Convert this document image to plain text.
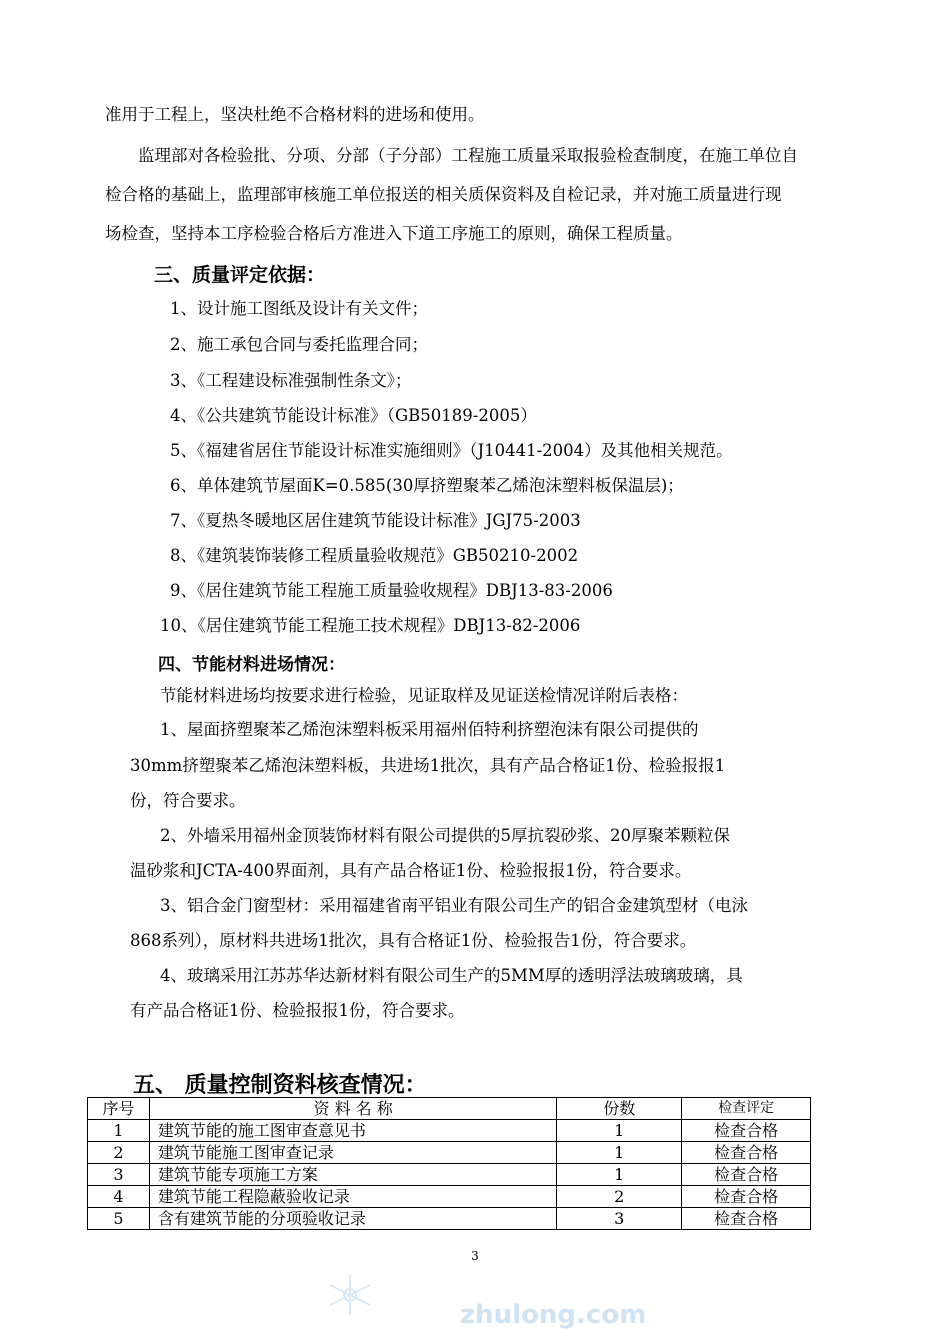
准用于工程上，坚决杜绝不合格材料的进场和使用。
监理部对各检验批、分项、分部（子分部）工程施工质量采取报验检查制度，在施工单位自
检合格的基础上，监理部审核施工单位报送的相关质保资料及自检记录，并对施工质量进行现
场检查，坚持本工序检验合格后方准进入下道工序施工的原则，确保工程质量。
三、质量评定依据：
1、设计施工图纸及设计有关文件；
2、施工承包合同与委托监理合同；
3、《工程建设标准强制性条文》；
4、《公共建筑节能设计标准》（GB50189-2005）
5、《福建省居住节能设计标准实施细则》（J10441-2004）及其他相关规范。
6、单体建筑节屋面K=0.585(30厚挤塑聚苯乙烯泡沫塑料板保温层)；
7、《夏热冬暖地区居住建筑节能设计标准》JGJ75-2003
8、《建筑装饰装修工程质量验收规范》GB50210-2002
9、《居住建筑节能工程施工质量验收规程》DBJ13-83-2006
10、《居住建筑节能工程施工技术规程》DBJ13-82-2006
四、节能材料进场情况：
节能材料进场均按要求进行检验，见证取样及见证送检情况详附后表格：
1、屋面挤塑聚苯乙烯泡沫塑料板采用福州佰特利挤塑泡沫有限公司提供的
30mm挤塑聚苯乙烯泡沫塑料板，共进场1批次，具有产品合格证1份、检验报报1
份，符合要求。
2、外墙采用福州金顶装饰材料有限公司提供的5厚抗裂砂浆、20厚聚苯颗粒保
温砂浆和JCTA-400界面剂，具有产品合格证1份、检验报报1份，符合要求。
3、铝合金门窗型材：采用福建省南平铝业有限公司生产的铝合金建筑型材（电泳
868系列），原材料共进场1批次，具有合格证1份、检验报告1份，符合要求。
4、玻璃采用江苏苏华达新材料有限公司生产的5MM厚的透明浮法玻璃玻璃，具
有产品合格证1份、检验报报1份，符合要求。
五、 质量控制资料核查情况：
序号	资 料 名 称	份数	检查评定
1	建筑节能的施工图审查意见书	1	检查合格
2	建筑节能施工图审查记录	1	检查合格
3	建筑节能专项施工方案	1	检查合格
4	建筑节能工程隐蔽验收记录	2	检查合格
5	含有建筑节能的分项验收记录	3	检查合格
3
zhulong.com
